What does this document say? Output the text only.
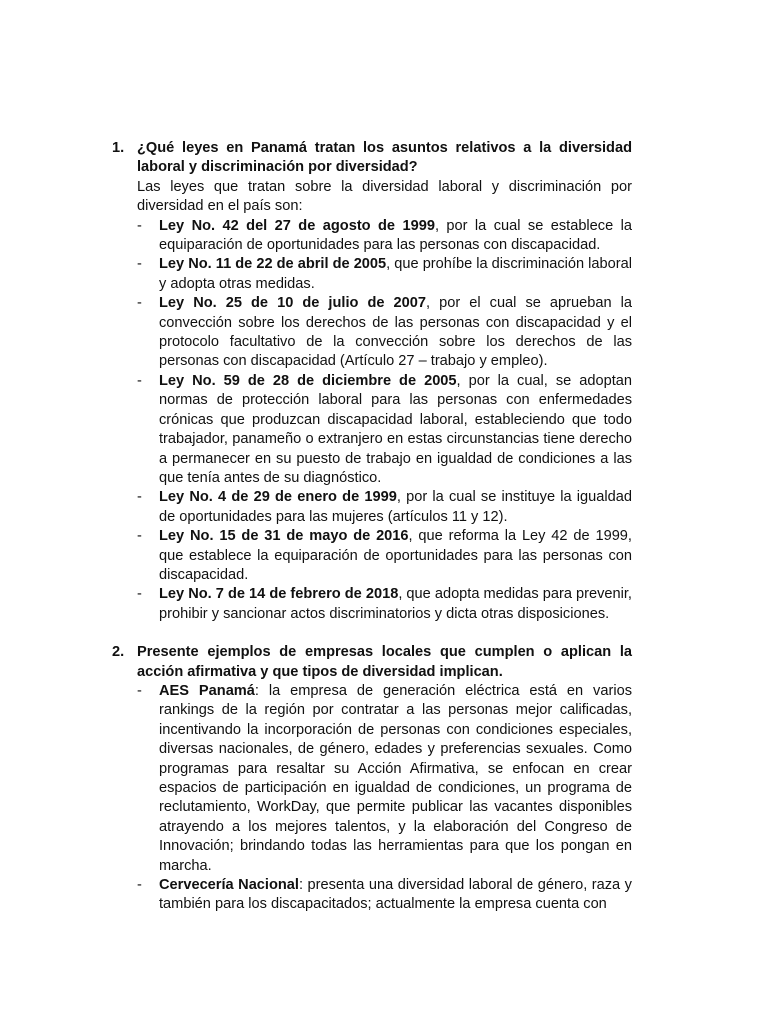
1. ¿Qué leyes en Panamá tratan los asuntos relativos a la diversidad laboral y discriminación por diversidad?
Las leyes que tratan sobre la diversidad laboral y discriminación por diversidad en el país son:
- Ley No. 42 del 27 de agosto de 1999, por la cual se establece la equiparación de oportunidades para las personas con discapacidad.
- Ley No. 11 de 22 de abril de 2005, que prohíbe la discriminación laboral y adopta otras medidas.
- Ley No. 25 de 10 de julio de 2007, por el cual se aprueban la convección sobre los derechos de las personas con discapacidad y el protocolo facultativo de la convección sobre los derechos de las personas con discapacidad (Artículo 27 – trabajo y empleo).
- Ley No. 59 de 28 de diciembre de 2005, por la cual, se adoptan normas de protección laboral para las personas con enfermedades crónicas que produzcan discapacidad laboral, estableciendo que todo trabajador, panameño o extranjero en estas circunstancias tiene derecho a permanecer en su puesto de trabajo en igualdad de condiciones a las que tenía antes de su diagnóstico.
- Ley No. 4 de 29 de enero de 1999, por la cual se instituye la igualdad de oportunidades para las mujeres (artículos 11 y 12).
- Ley No. 15 de 31 de mayo de 2016, que reforma la Ley 42 de 1999, que establece la equiparación de oportunidades para las personas con discapacidad.
- Ley No. 7 de 14 de febrero de 2018, que adopta medidas para prevenir, prohibir y sancionar actos discriminatorios y dicta otras disposiciones.
2. Presente ejemplos de empresas locales que cumplen o aplican la acción afirmativa y que tipos de diversidad implican.
- AES Panamá: la empresa de generación eléctrica está en varios rankings de la región por contratar a las personas mejor calificadas, incentivando la incorporación de personas con condiciones especiales, diversas nacionales, de género, edades y preferencias sexuales. Como programas para resaltar su Acción Afirmativa, se enfocan en crear espacios de participación en igualdad de condiciones, un programa de reclutamiento, WorkDay, que permite publicar las vacantes disponibles atrayendo a los mejores talentos, y la elaboración del Congreso de Innovación; brindando todas las herramientas para que los pongan en marcha.
- Cervecería Nacional: presenta una diversidad laboral de género, raza y también para los discapacitados; actualmente la empresa cuenta con
